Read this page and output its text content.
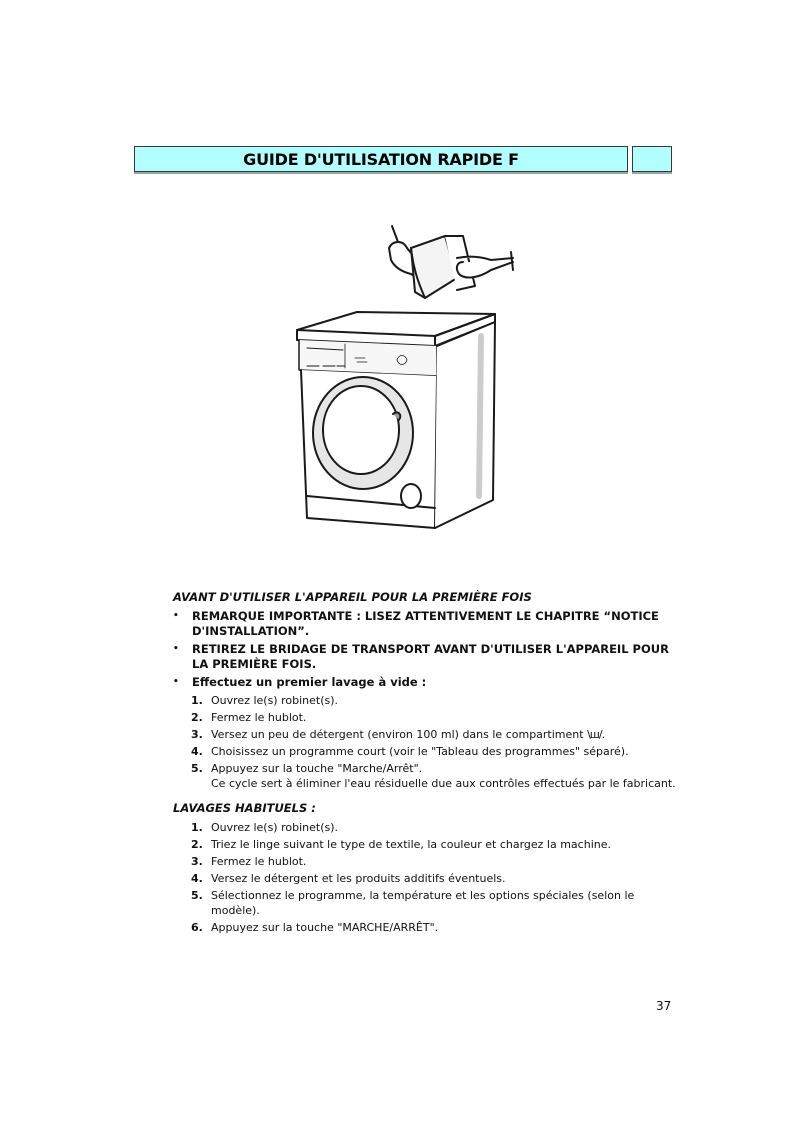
GUIDE D'UTILISATION RAPIDE F
AVANT D'UTILISER L'APPAREIL POUR LA PREMIÈRE FOIS
•	REMARQUE IMPORTANTE : LISEZ ATTENTIVEMENT LE CHAPITRE “NOTICE D'INSTALLATION”.
•	RETIREZ LE BRIDAGE DE TRANSPORT AVANT D'UTILISER L'APPAREIL POUR LA PREMIÈRE FOIS.
•	Effectuez un premier lavage à vide :
1. Ouvrez le(s) robinet(s).
2. Fermez le hublot.
3. Versez un peu de détergent (environ 100 ml) dans le compartiment \ш/.
4. Choisissez un programme court (voir le "Tableau des programmes" séparé).
5. Appuyez sur la touche "Marche/Arrêt".
Ce cycle sert à éliminer l'eau résiduelle due aux contrôles effectués par le fabricant.
LAVAGES HABITUELS :
1. Ouvrez le(s) robinet(s).
2. Triez le linge suivant le type de textile, la couleur et chargez la machine.
3. Fermez le hublot.
4. Versez le détergent et les produits additifs éventuels.
5. Sélectionnez le programme, la température et les options spéciales (selon le modèle).
6. Appuyez sur la touche "MARCHE/ARRÊT".
37
